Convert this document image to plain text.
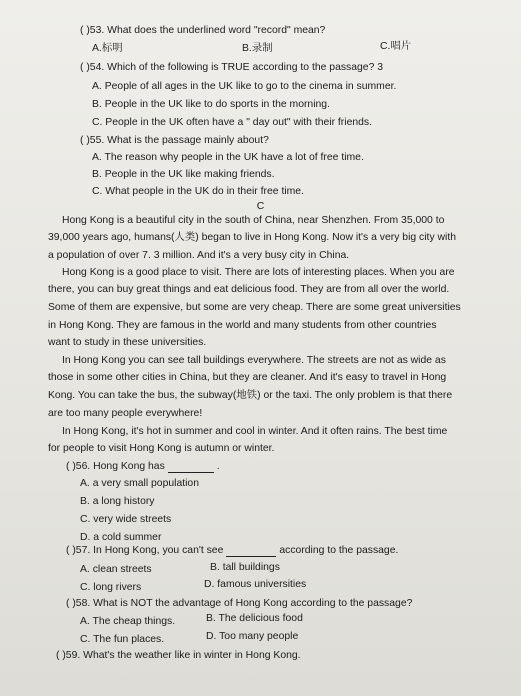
( )53. What does the underlined word "record" mean?
A.标明	B.录制	C.唱片
( )54. Which of the following is TRUE according to the passage? 3
A. People of all ages in the UK like to go to the cinema in summer.
B. People in the UK like to do sports in the morning.
C. People in the UK often have a " day out" with their friends.
( )55. What is the passage mainly about?
A. The reason why people in the UK have a lot of free time.
B. People in the UK like making friends.
C. What people in the UK do in their free time.
C
Hong Kong is a beautiful city in the south of China, near Shenzhen. From 35,000 to
39,000 years ago, humans(人类) began to live in Hong Kong. Now it's a very big city with
a population of over 7. 3 million. And it's a very busy city in China.
Hong Kong is a good place to visit. There are lots of interesting places. When you are
there, you can buy great things and eat delicious food. They are from all over the world.
Some of them are expensive, but some are very cheap. There are some great universities
in Hong Kong. They are famous in the world and many students from other countries
want to study in these universities.
In Hong Kong you can see tall buildings everywhere. The streets are not as wide as
those in some other cities in China, but they are cleaner. And it's easy to travel in Hong
Kong. You can take the bus, the subway(地铁) or the taxi. The only problem is that there
are too many people everywhere!
In Hong Kong, it's hot in summer and cool in winter. And it often rains. The best time
for people to visit Hong Kong is autumn or winter.
( )56. Hong Kong has	.
A. a very small population
B. a long history
C. very wide streets
D. a cold summer
( )57. In Hong Kong, you can't see	according to the passage.
A. clean streets	B. tall buildings
C. long rivers	D. famous universities
( )58. What is NOT the advantage of Hong Kong according to the passage?
A. The cheap things.	B. The delicious food
C. The fun places.	D. Too many people
( )59. What's the weather like in winter in Hong Kong.
